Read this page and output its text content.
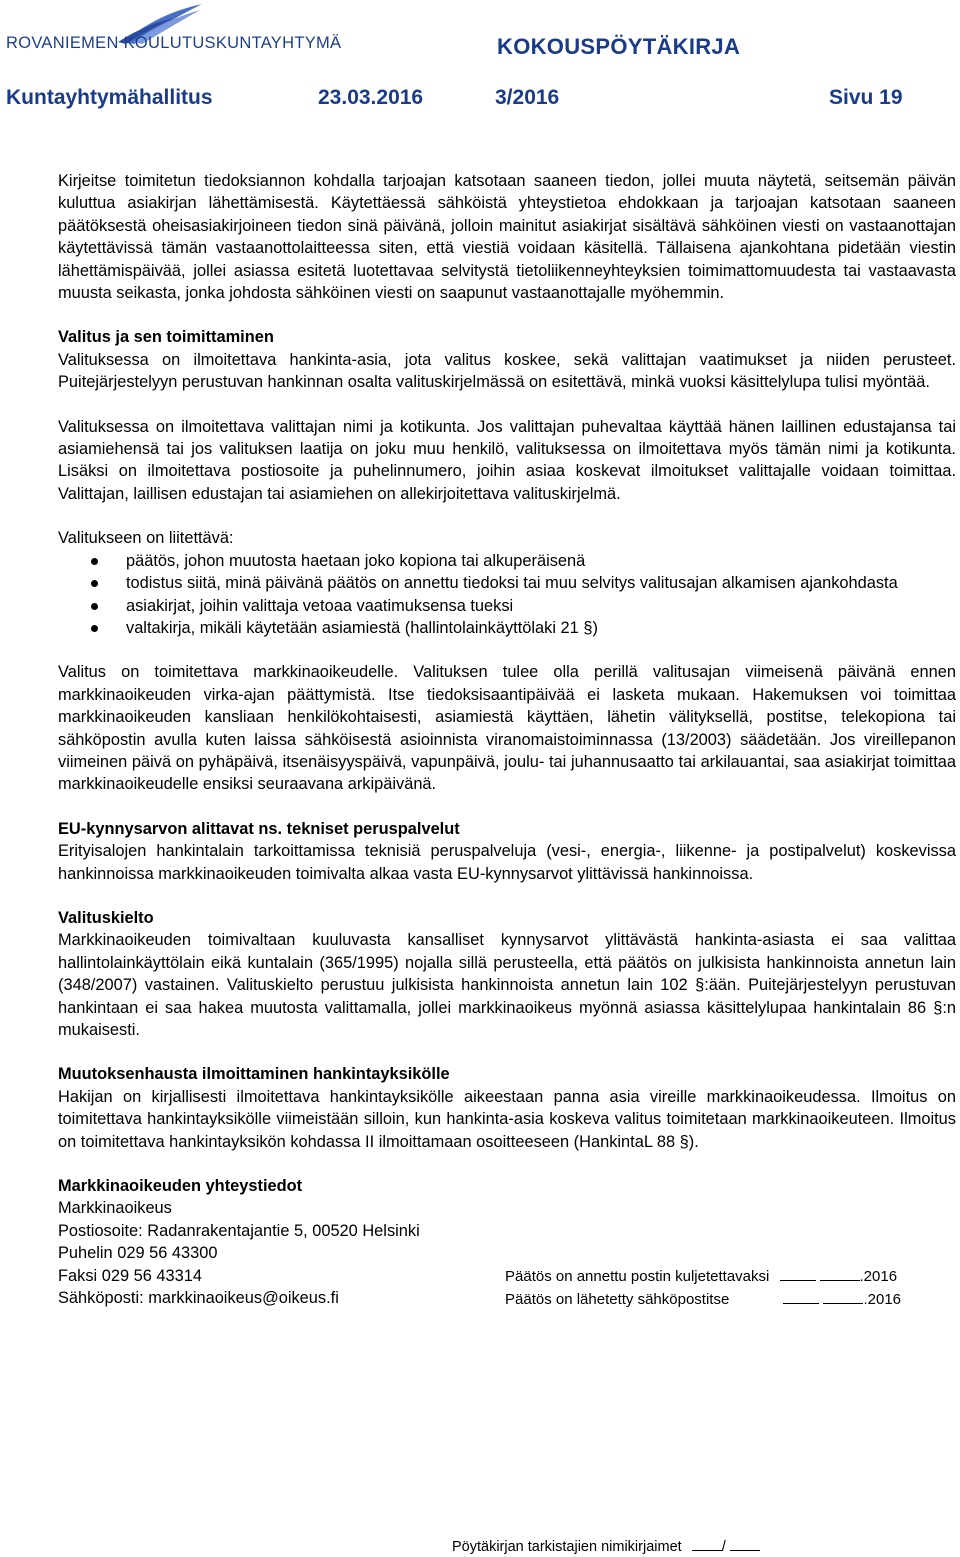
ROVANIEMEN KOULUTUSKUNTAYHTYMÄ	KOKOUSPÖYTÄKIRJA
Kuntayhtymähallitus	23.03.2016	3/2016	Sivu 19

Kirjeitse toimitetun tiedoksiannon kohdalla tarjoajan katsotaan saaneen tiedon, jollei muuta näytetä, seitsemän päivän kuluttua asiakirjan lähettämisestä. Käytettäessä sähköistä yhteystietoa ehdokkaan ja tarjoajan katsotaan saaneen päätöksestä oheisasiakirjoineen tiedon sinä päivänä, jolloin mainitut asiakirjat sisältävä sähköinen viesti on vastaanottajan käytettävissä tämän vastaanottolaitteessa siten, että viestiä voidaan käsitellä. Tällaisena ajankohtana pidetään viestin lähettämispäivää, jollei asiassa esitetä luotettavaa selvitystä tietoliikenneyhteyksien toimimattomuudesta tai vastaavasta muusta seikasta, jonka johdosta sähköinen viesti on saapunut vastaanottajalle myöhemmin.

Valitus ja sen toimittaminen

Valituksessa on ilmoitettava hankinta-asia, jota valitus koskee, sekä valittajan vaatimukset ja niiden perusteet. Puitejärjestelyyn perustuvan hankinnan osalta valituskirjelmässä on esitettävä, minkä vuoksi käsittelylupa tulisi myöntää.

Valituksessa on ilmoitettava valittajan nimi ja kotikunta. Jos valittajan puhevaltaa käyttää hänen laillinen edustajansa tai asiamiehensä tai jos valituksen laatija on joku muu henkilö, valituksessa on ilmoitettava myös tämän nimi ja kotikunta. Lisäksi on ilmoitettava postiosoite ja puhelinnumero, joihin asiaa koskevat ilmoitukset valittajalle voidaan toimittaa. Valittajan, laillisen edustajan tai asiamiehen on allekirjoitettava valituskirjelmä.

Valitukseen on liitettävä:

päätös, johon muutosta haetaan joko kopiona tai alkuperäisenä
todistus siitä, minä päivänä päätös on annettu tiedoksi tai muu selvitys valitusajan alkamisen ajankohdasta
asiakirjat, joihin valittaja vetoaa vaatimuksensa tueksi
valtakirja, mikäli käytetään asiamiestä (hallintolainkäyttölaki 21 §)

Valitus on toimitettava markkinaoikeudelle. Valituksen tulee olla perillä valitusajan viimeisenä päivänä ennen markkinaoikeuden virka-ajan päättymistä. Itse tiedoksisaantipäivää ei lasketa mukaan. Hakemuksen voi toimittaa markkinaoikeuden kansliaan henkilökohtaisesti, asiamiestä käyttäen, lähetin välityksellä, postitse, telekopiona tai sähköpostin avulla kuten laissa sähköisestä asioinnista viranomaistoiminnassa (13/2003) säädetään. Jos vireillepanon viimeinen päivä on pyhäpäivä, itsenäisyyspäivä, vapunpäivä, joulu- tai juhannusaatto tai arkilauantai, saa asiakirjat toimittaa markkinaoikeudelle ensiksi seuraavana arkipäivänä.

EU-kynnysarvon alittavat ns. tekniset peruspalvelut

Erityisalojen hankintalain tarkoittamissa teknisiä peruspalveluja (vesi-, energia-, liikenne- ja postipalvelut) koskevissa hankinnoissa markkinaoikeuden toimivalta alkaa vasta EU-kynnysarvot ylittävissä hankinnoissa.

Valituskielto

Markkinaoikeuden toimivaltaan kuuluvasta kansalliset kynnysarvot ylittävästä hankinta-asiasta ei saa valittaa hallintolainkäyttölain eikä kuntalain (365/1995) nojalla sillä perusteella, että päätös on julkisista hankinnoista annetun lain (348/2007) vastainen. Valituskielto perustuu julkisista hankinnoista annetun lain 102 §:ään. Puitejärjestelyyn perustuvan hankintaan ei saa hakea muutosta valittamalla, jollei markkinaoikeus myönnä asiassa käsittelylupaa hankintalain 86 §:n mukaisesti.

Muutoksenhausta ilmoittaminen hankintayksikölle

Hakijan on kirjallisesti ilmoitettava hankintayksikölle aikeestaan panna asia vireille markkinaoikeudessa. Ilmoitus on toimitettava hankintayksikölle viimeistään silloin, kun hankinta-asia koskeva valitus toimitetaan markkinaoikeuteen. Ilmoitus on toimitettava hankintayksikön kohdassa II ilmoittamaan osoitteeseen (HankintaL 88 §).

Markkinaoikeuden yhteystiedot

Markkinaoikeus
Postiosoite: Radanrakentajantie 5, 00520 Helsinki
Puhelin 029 56 43300
Faksi 029 56 43314
Sähköposti: markkinaoikeus@oikeus.fi
Päätös on annettu postin kuljetettavaksi	.2016
Päätös on lähetetty sähköpostitse	.2016
Pöytäkirjan tarkistajien nimikirjaimet	/
